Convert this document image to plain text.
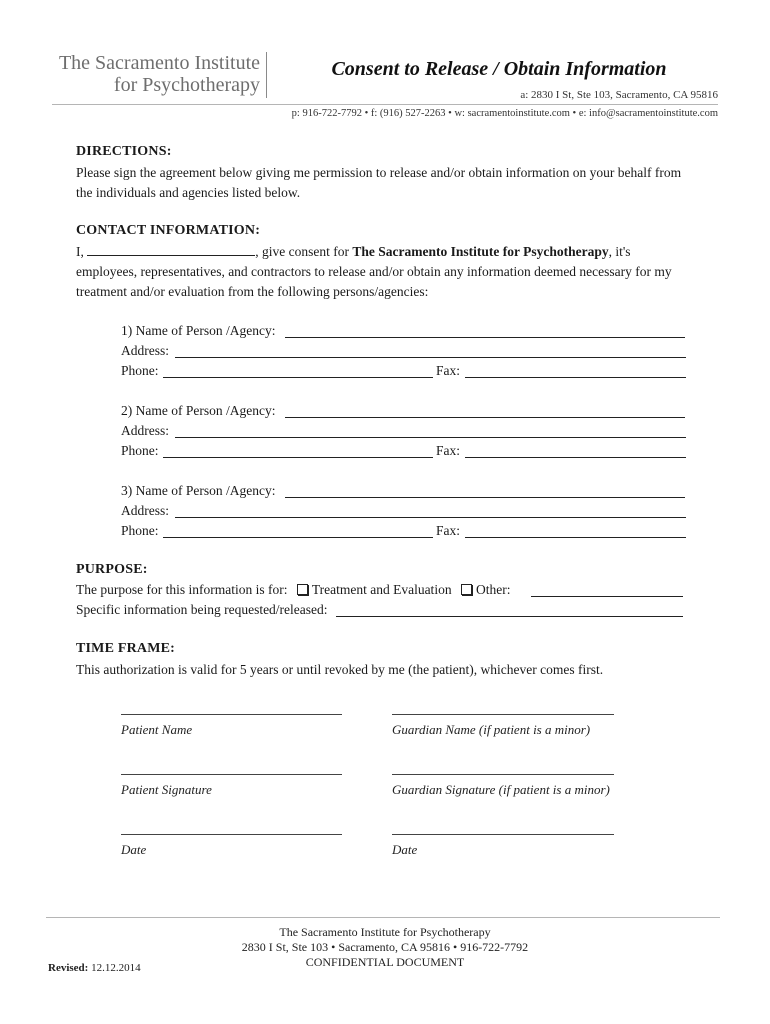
The Sacramento Institute
for Psychotherapy
Consent to Release / Obtain Information
a: 2830 I St, Ste 103, Sacramento, CA 95816
p: 916-722-7792 • f: (916) 527-2263 • w: sacramentoinstitute.com • e: info@sacramentoinstitute.com
DIRECTIONS:
Please sign the agreement below giving me permission to release and/or obtain information on your behalf from the individuals and agencies listed below.
CONTACT INFORMATION:
I,	, give consent for The Sacramento Institute for Psychotherapy, it's
employees, representatives, and contractors to release and/or obtain any information deemed necessary for my treatment and/or evaluation from the following persons/agencies:
1) Name of Person /Agency:
Address:
Phone:	Fax:
2) Name of Person /Agency:
Address:
Phone:	Fax:
3) Name of Person /Agency:
Address:
Phone:	Fax:
PURPOSE:
The purpose for this information is for: Treatment and Evaluation Other:
Specific information being requested/released:
TIME FRAME:
This authorization is valid for 5 years or until revoked by me (the patient), whichever comes first.
Patient Name	Guardian Name (if patient is a minor)
Patient Signature	Guardian Signature (if patient is a minor)
Date	Date
The Sacramento Institute for Psychotherapy
2830 I St, Ste 103 • Sacramento, CA 95816 • 916-722-7792
CONFIDENTIAL DOCUMENT
Revised: 12.12.2014
